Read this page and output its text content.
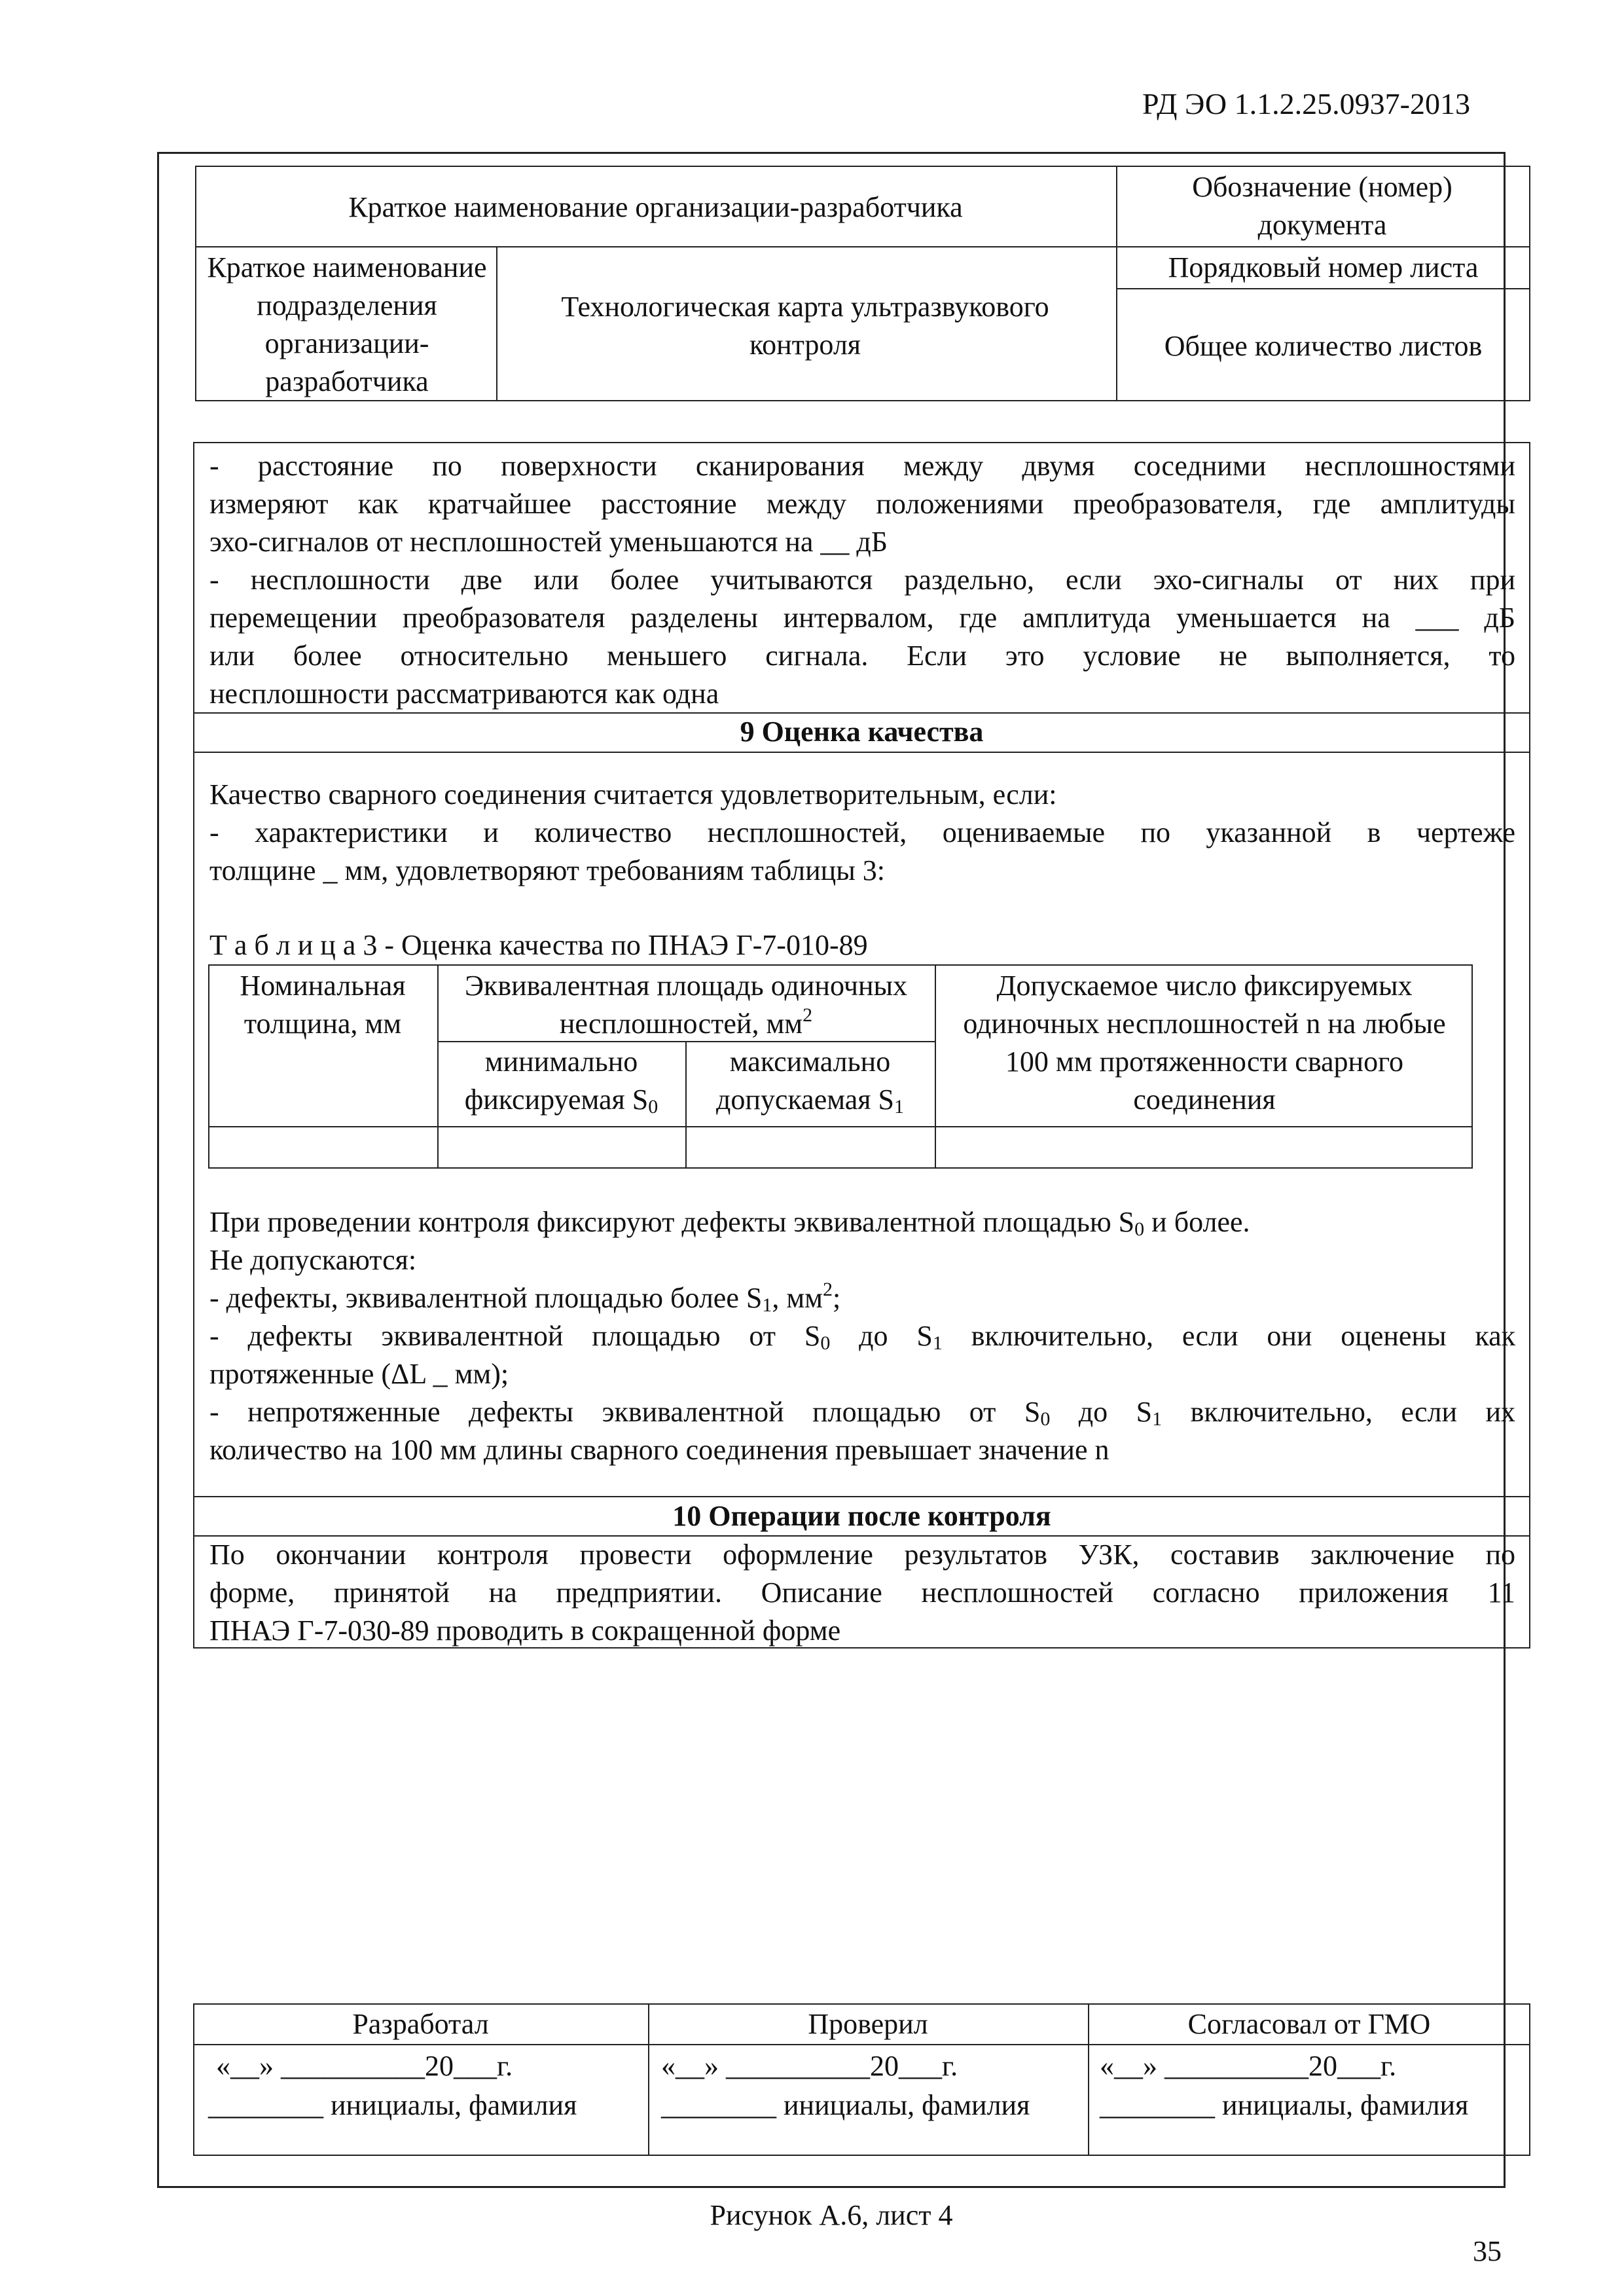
РД ЭО 1.1.2.25.0937-2013
Краткое наименование организации-разработчика
Обозначение (номер) документа
Краткое наименование подразделения организации-разработчика
Технологическая карта ультразвукового контроля
Порядковый номер листа
Общее количество листов

- расстояние по поверхности сканирования между двумя соседними несплошностями

измеряют как кратчайшее расстояние между положениями преобразователя, где амплитуды

эхо-сигналов от несплошностей уменьшаются на __ дБ

- несплошности две или более учитываются раздельно, если эхо-сигналы от них при

перемещении преобразователя разделены интервалом, где амплитуда уменьшается на ___ дБ

или более относительно меньшего сигнала. Если это условие не выполняется, то

несплошности рассматриваются как одна

9 Оценка качества

Качество сварного соединения считается удовлетворительным, если:

- характеристики и количество несплошностей, оцениваемые по указанной в чертеже

толщине _ мм, удовлетворяют требованиям таблицы 3:

Т а б л и ц а 3 - Оценка качества по ПНАЭ Г-7-010-89
Номинальная толщина, мм
Эквивалентная площадь одиночных несплошностей, $мм^2$
минимально фиксируемая $S_0$
максимально допускаемая $S_1$
Допускаемое число фиксируемых одиночных несплошностей n на любые 100 мм протяженности сварного соединения

При проведении контроля фиксируют дефекты эквивалентной площадью $S_0$ и более.

Не допускаются:

- дефекты, эквивалентной площадью более $S_1$, $мм^2$;

- дефекты эквивалентной площадью от $S_0$ до $S_1$ включительно, если они оценены как

протяженные (ΔL _ мм);

- непротяженные дефекты эквивалентной площадью от $S_0$ до $S_1$ включительно, если их

количество на 100 мм длины сварного соединения превышает значение n

10 Операции после контроля

По окончании контроля провести оформление результатов УЗК, составив заключение по

форме, принятой на предприятии. Описание несплошностей согласно приложения 11

ПНАЭ Г-7-030-89 проводить в сокращенной форме

Разработал	Проверил	Согласовал от ГМО
«__» __________20___г.
________ инициалы, фамилия
«__» __________20___г.
________ инициалы, фамилия
«__» __________20___г.
________ инициалы, фамилия
Рисунок А.6, лист 4
35
